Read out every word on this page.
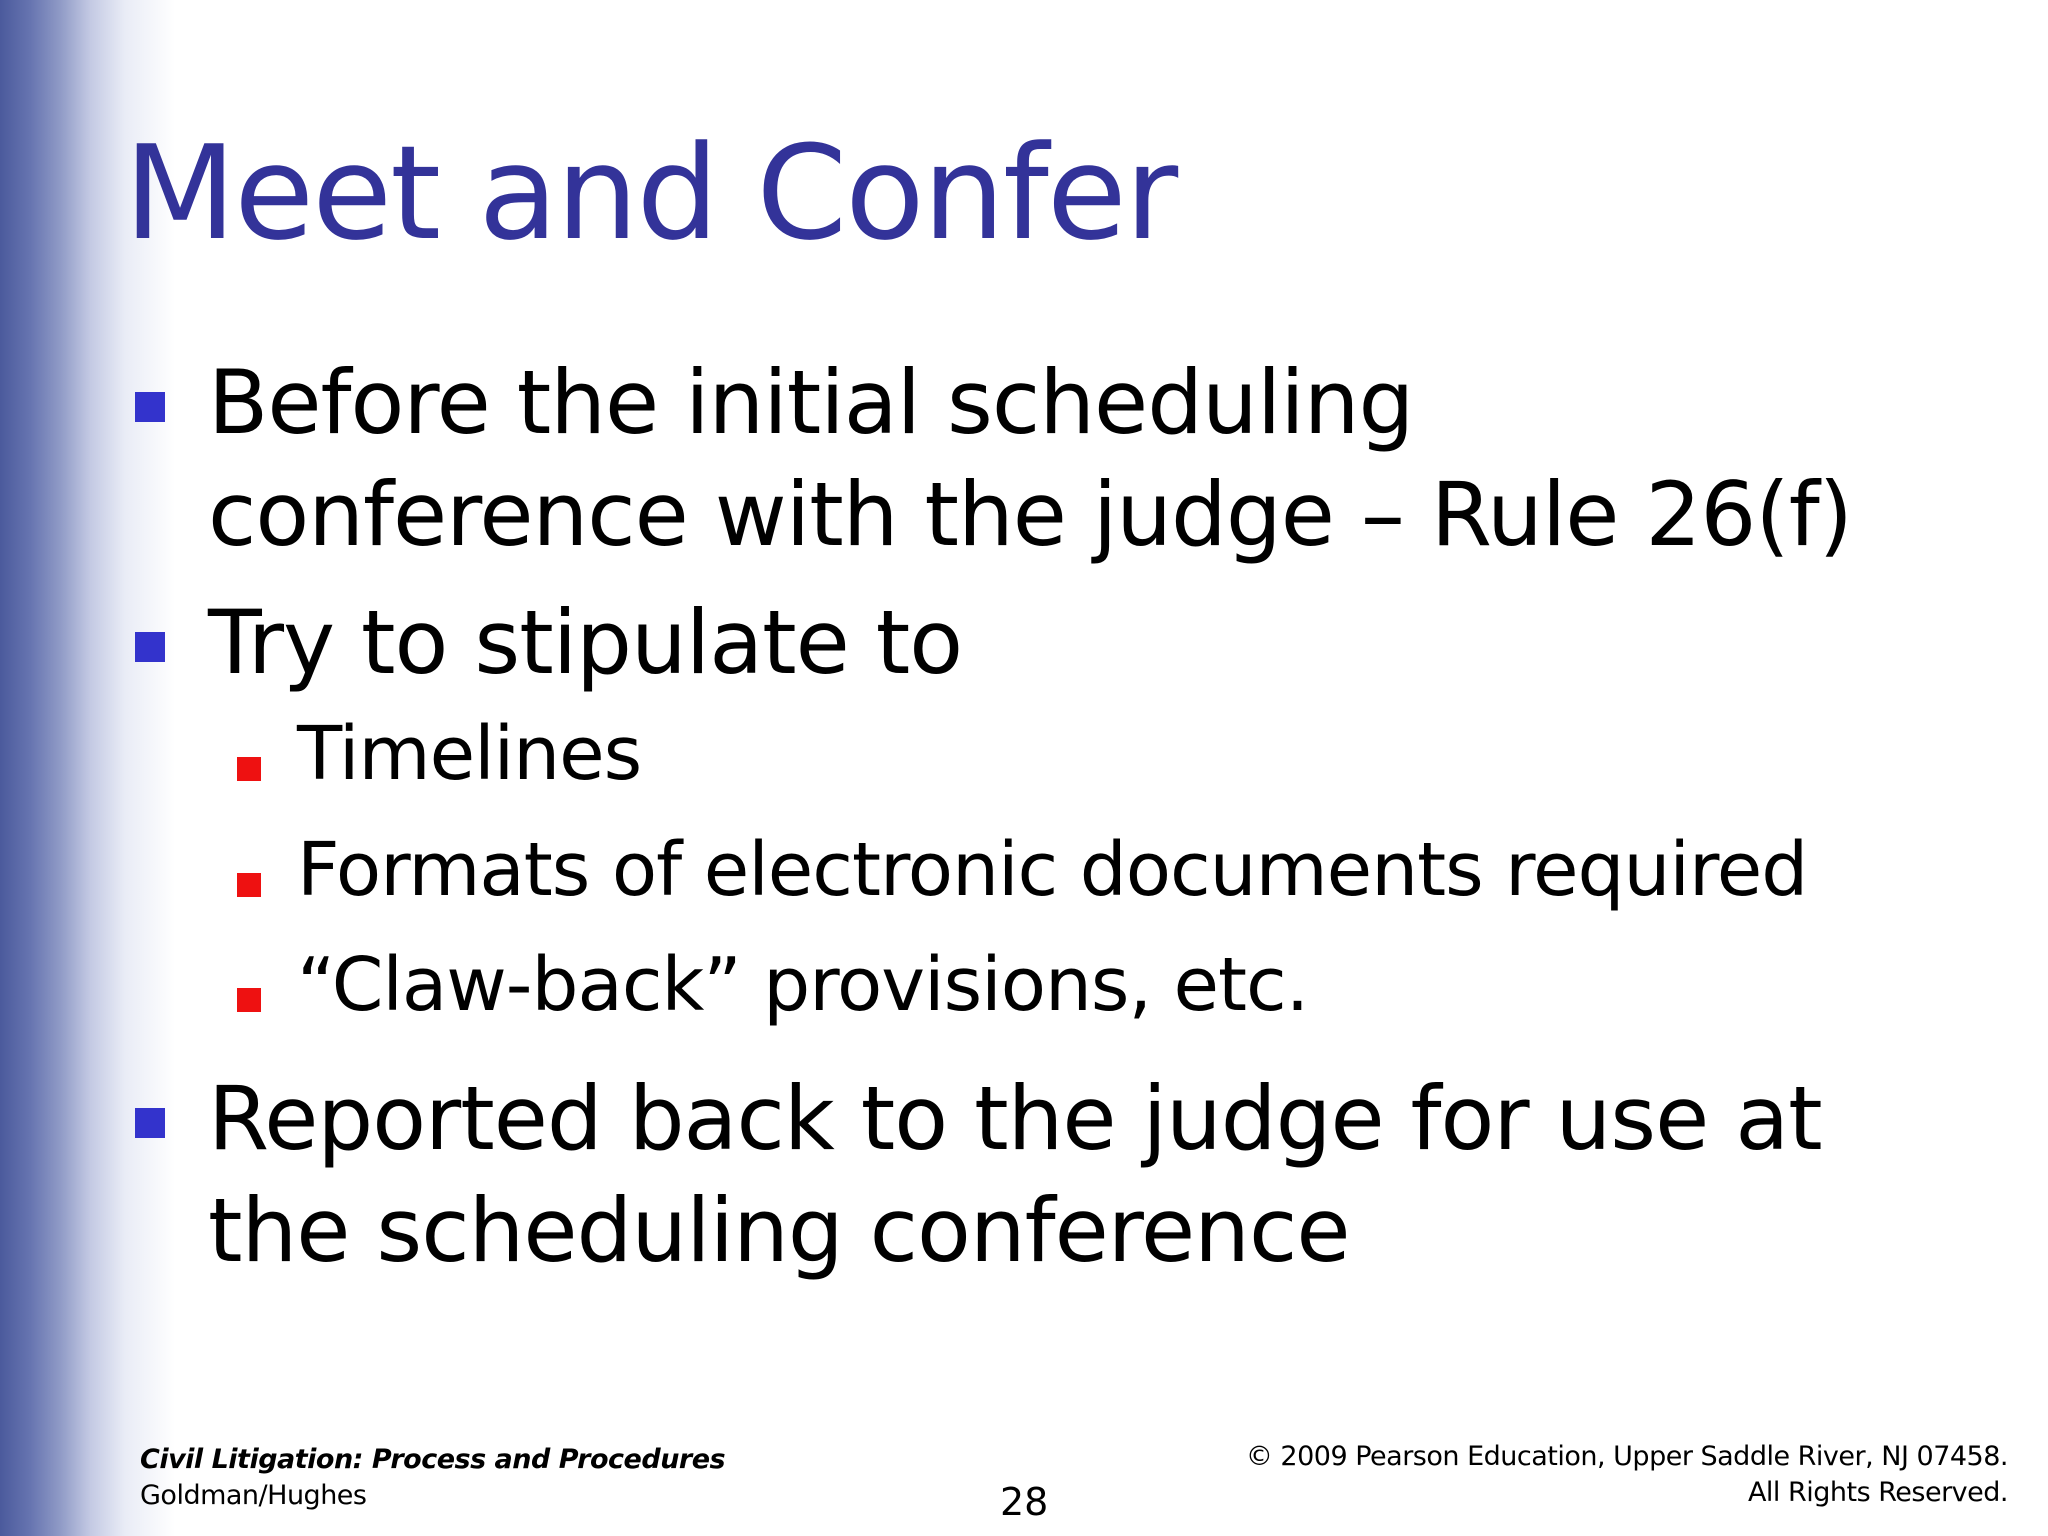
Meet and Confer
Before the initial scheduling conference with the judge – Rule 26(f)
Try to stipulate to
Timelines
Formats of electronic documents required
“Claw-back” provisions, etc.
Reported back to the judge for use at the scheduling conference
Civil Litigation: Process and Procedures
Goldman/Hughes	28
© 2009 Pearson Education, Upper Saddle River, NJ 07458.
All Rights Reserved.
